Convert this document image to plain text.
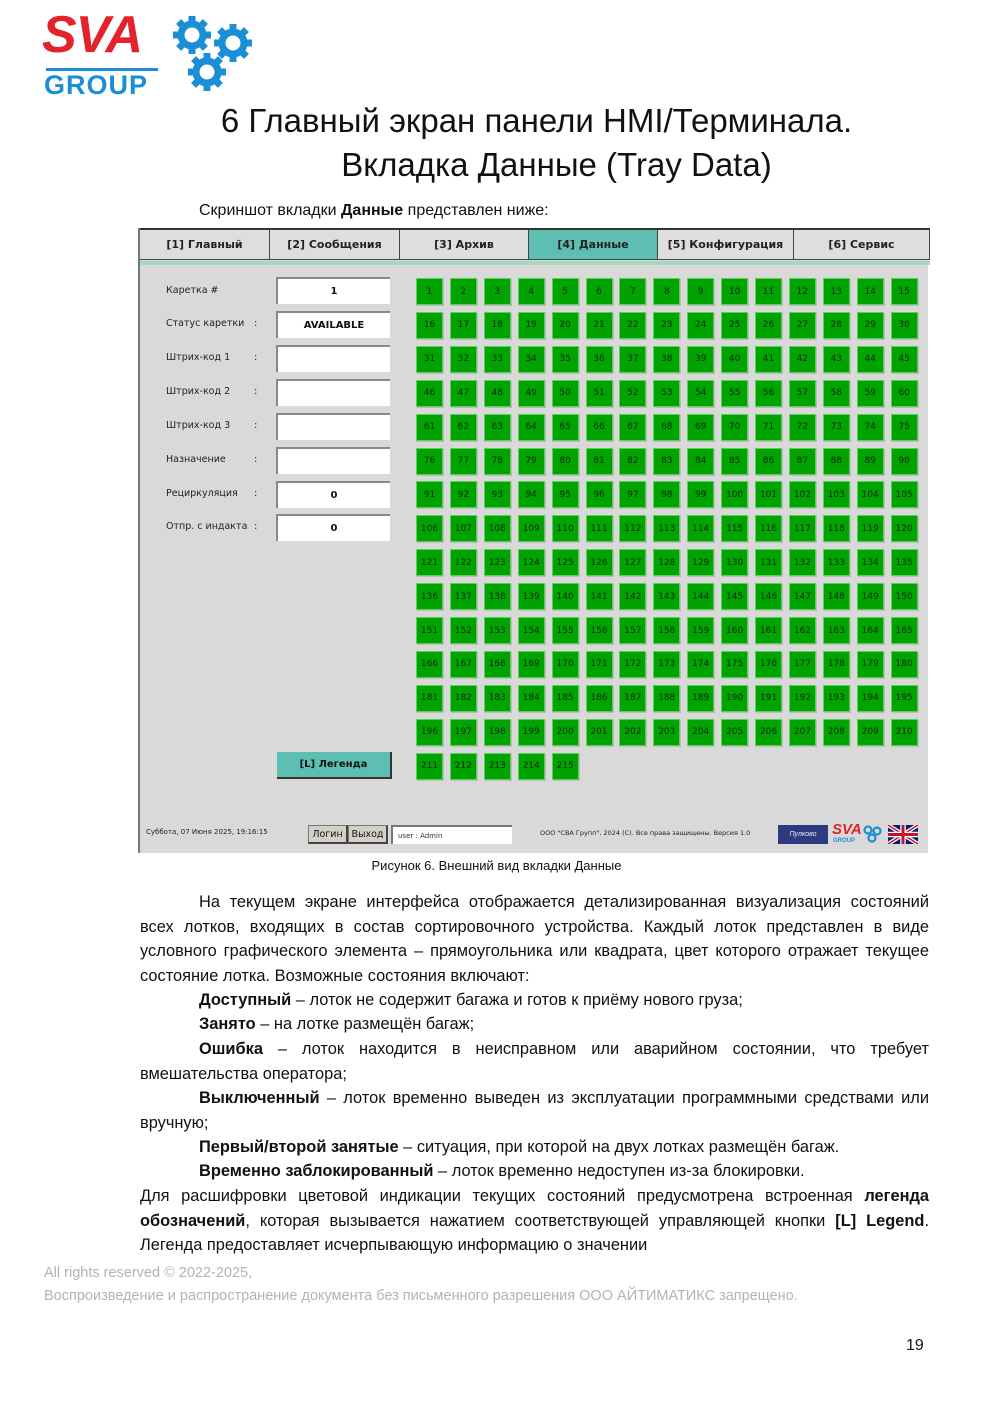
SVA
GROUP
6 Главный экран панели HMI/Терминала.
Вкладка Данные (Tray Data)
Скриншот вкладки Данные представлен ниже:
[1] Главный	[2] Сообщения	[3] Архив	[4] Данные	[5] Конфигурация	[6] Сервис
Каретка #	1
Статус каретки :	AVAILABLE
Штрих-код 1 :
Штрих-код 2 :
Штрих-код 3 :
Назначение	:
Рециркуляция :	0
Отпр. с индакта :	0
1	2	3	4	5	6	7	8	9	10	11	12	13	14	15
16	17	18	19	20	21	22	23	24	25	26	27	28	29	30
31	32	33	34	35	36	37	38	39	40	41	42	43	44	45
46	47	48	49	50	51	52	53	54	55	56	57	58	59	60
61	62	63	64	65	66	67	68	69	70	71	72	73	74	75
76	77	78	79	80	81	82	83	84	85	86	87	88	89	90
91	92	93	94	95	96	97	98	99	100	101	102	103	104	105
106	107	108	109	110	111	112	113	114	115	116	117	118	119	120
121	122	123	124	125	126	127	128	129	130	131	132	133	134	135
136	137	138	139	140	141	142	143	144	145	146	147	148	149	150
151	152	153	154	155	156	157	158	159	160	161	162	163	164	165
166	167	168	169	170	171	172	173	174	175	176	177	178	179	180
181	182	183	184	185	186	187	188	189	190	191	192	193	194	195
196	197	198	199	200	201	202	203	204	205	206	207	208	209	210
211	212	213	214	215
[L] Легенда
Суббота, 07 Июня 2025, 19:16:15	Логин Выход	user : Admin	ООО "СВА Групп", 2024 (С). Все права защищены. Версия 1.0	Пулково	SVA
GROUP
Рисунок 6. Внешний вид вкладки Данные
На текущем экране интерфейса отображается детализированная визуализация состояний всех лотков, входящих в состав сортировочного устройства. Каждый лоток представлен в виде условного графического элемента – прямоугольника или квадрата, цвет которого отражает текущее состояние лотка. Возможные состояния включают:
Доступный – лоток не содержит багажа и готов к приёму нового груза;
Занято – на лотке размещён багаж;
Ошибка – лоток находится в неисправном или аварийном состоянии, что требует вмешательства оператора;
Выключенный – лоток временно выведен из эксплуатации программными средствами или вручную;
Первый/второй занятые – ситуация, при которой на двух лотках размещён багаж.
Временно заблокированный – лоток временно недоступен из-за блокировки.
Для расшифровки цветовой индикации текущих состояний предусмотрена встроенная легенда обозначений, которая вызывается нажатием соответствующей управляющей кнопки [L] Legend. Легенда предоставляет исчерпывающую информацию о значении
All rights reserved © 2022-2025,
Воспроизведение и распространение документа без письменного разрешения ООО АЙТИМАТИКС запрещено.
19
